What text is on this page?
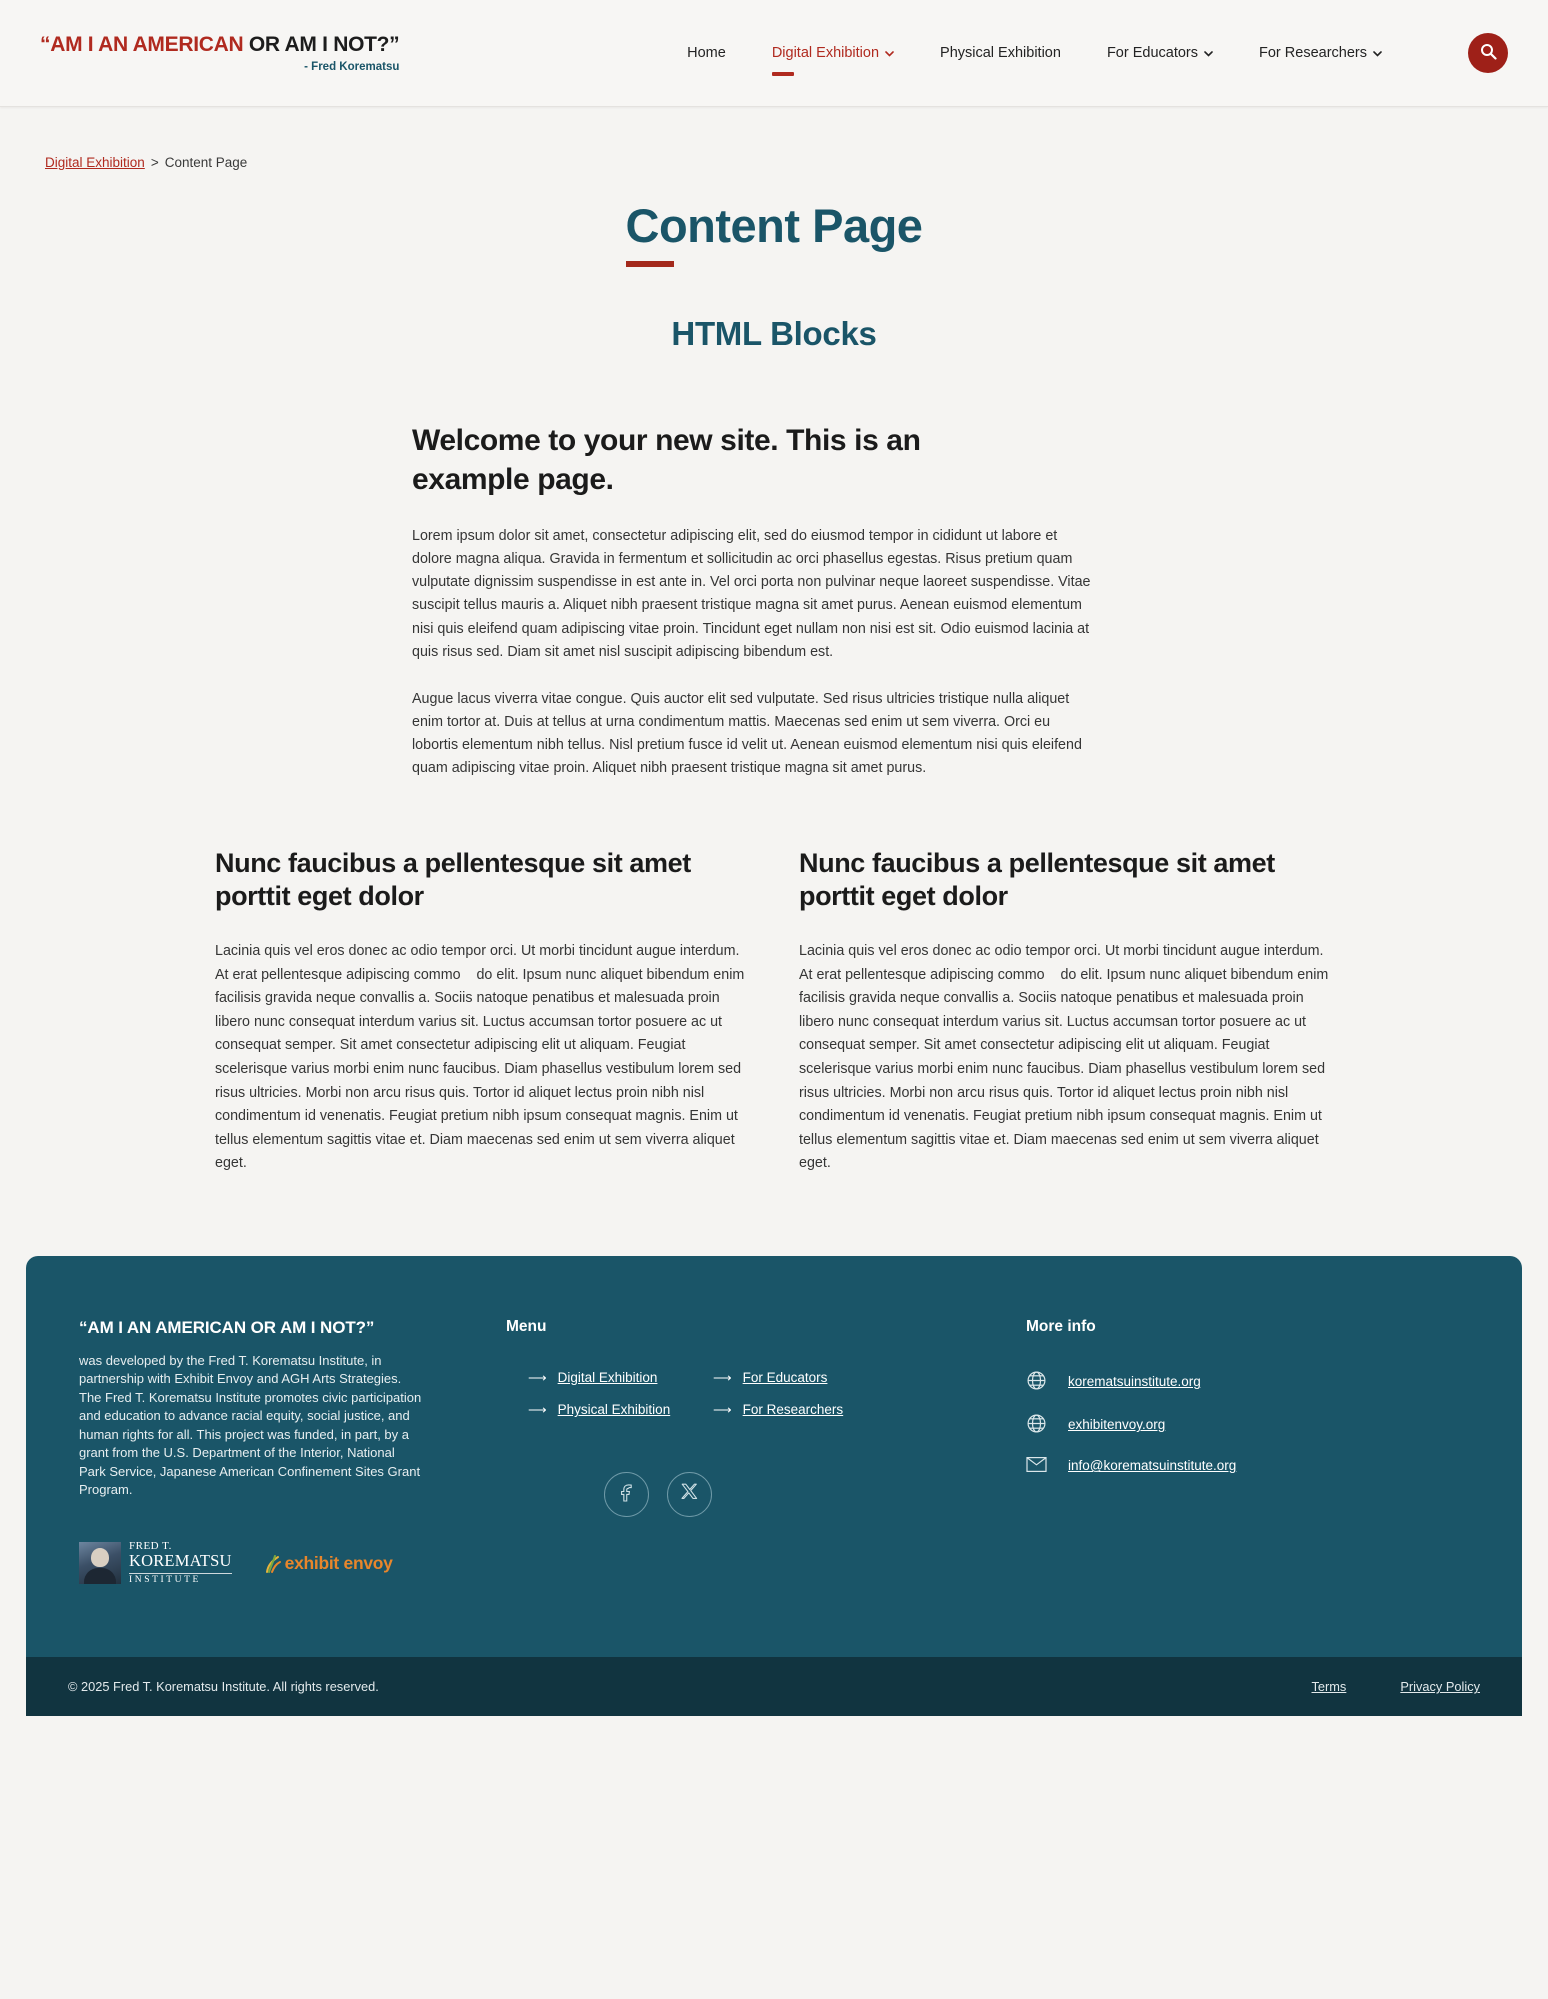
“AM I AN AMERICAN OR AM I NOT?”
- Fred Korematsu
Home	Digital Exhibition	Physical Exhibition	For Educators	For Researchers
Digital Exhibition > Content Page
Content Page
HTML Blocks
Welcome to your new site. This is an example page.

Lorem ipsum dolor sit amet, consectetur adipiscing elit, sed do eiusmod tempor in cididunt ut labore et dolore magna aliqua. Gravida in fermentum et sollicitudin ac orci phasellus egestas. Risus pretium quam vulputate dignissim suspendisse in est ante in. Vel orci porta non pulvinar neque laoreet suspendisse. Vitae suscipit tellus mauris a. Aliquet nibh praesent tristique magna sit amet purus. Aenean euismod elementum nisi quis eleifend quam adipiscing vitae proin. Tincidunt eget nullam non nisi est sit. Odio euismod lacinia at quis risus sed. Diam sit amet nisl suscipit adipiscing bibendum est.

Augue lacus viverra vitae congue. Quis auctor elit sed vulputate. Sed risus ultricies tristique nulla aliquet enim tortor at. Duis at tellus at urna condimentum mattis. Maecenas sed enim ut sem viverra. Orci eu lobortis elementum nibh tellus. Nisl pretium fusce id velit ut. Aenean euismod elementum nisi quis eleifend quam adipiscing vitae proin. Aliquet nibh praesent tristique magna sit amet purus.

Nunc faucibus a pellentesque sit amet porttit eget dolor

Lacinia quis vel eros donec ac odio tempor orci. Ut morbi tincidunt augue interdum. At erat pellentesque adipiscing commo    do elit. Ipsum nunc aliquet bibendum enim facilisis gravida neque convallis a. Sociis natoque penatibus et malesuada proin libero nunc consequat interdum varius sit. Luctus accumsan tortor posuere ac ut consequat semper. Sit amet consectetur adipiscing elit ut aliquam. Feugiat scelerisque varius morbi enim nunc faucibus. Diam phasellus vestibulum lorem sed risus ultricies. Morbi non arcu risus quis. Tortor id aliquet lectus proin nibh nisl condimentum id venenatis. Feugiat pretium nibh ipsum consequat magnis. Enim ut tellus elementum sagittis vitae et. Diam maecenas sed enim ut sem viverra aliquet eget.

Nunc faucibus a pellentesque sit amet porttit eget dolor

Lacinia quis vel eros donec ac odio tempor orci. Ut morbi tincidunt augue interdum. At erat pellentesque adipiscing commo    do elit. Ipsum nunc aliquet bibendum enim facilisis gravida neque convallis a. Sociis natoque penatibus et malesuada proin libero nunc consequat interdum varius sit. Luctus accumsan tortor posuere ac ut consequat semper. Sit amet consectetur adipiscing elit ut aliquam. Feugiat scelerisque varius morbi enim nunc faucibus. Diam phasellus vestibulum lorem sed risus ultricies. Morbi non arcu risus quis. Tortor id aliquet lectus proin nibh nisl condimentum id venenatis. Feugiat pretium nibh ipsum consequat magnis. Enim ut tellus elementum sagittis vitae et. Diam maecenas sed enim ut sem viverra aliquet eget.

“AM I AN AMERICAN OR AM I NOT?”
was developed by the Fred T. Korematsu Institute, in partnership with Exhibit Envoy and AGH Arts Strategies. The Fred T. Korematsu Institute promotes civic participation and education to advance racial equity, social justice, and human rights for all. This project was funded, in part, by a grant from the U.S. Department of the Interior, National Park Service, Japanese American Confinement Sites Grant Program.
FRED T.
KOREMATSU
INSTITUTE
exhibit envoy
Menu
⟶ Digital Exhibition
⟶ Physical Exhibition
⟶ For Educators
⟶ For Researchers
More info
korematsuinstitute.org
exhibitenvoy.org
info@korematsuinstitute.org
© 2025 Fred T. Korematsu Institute. All rights reserved.	Terms	Privacy Policy
